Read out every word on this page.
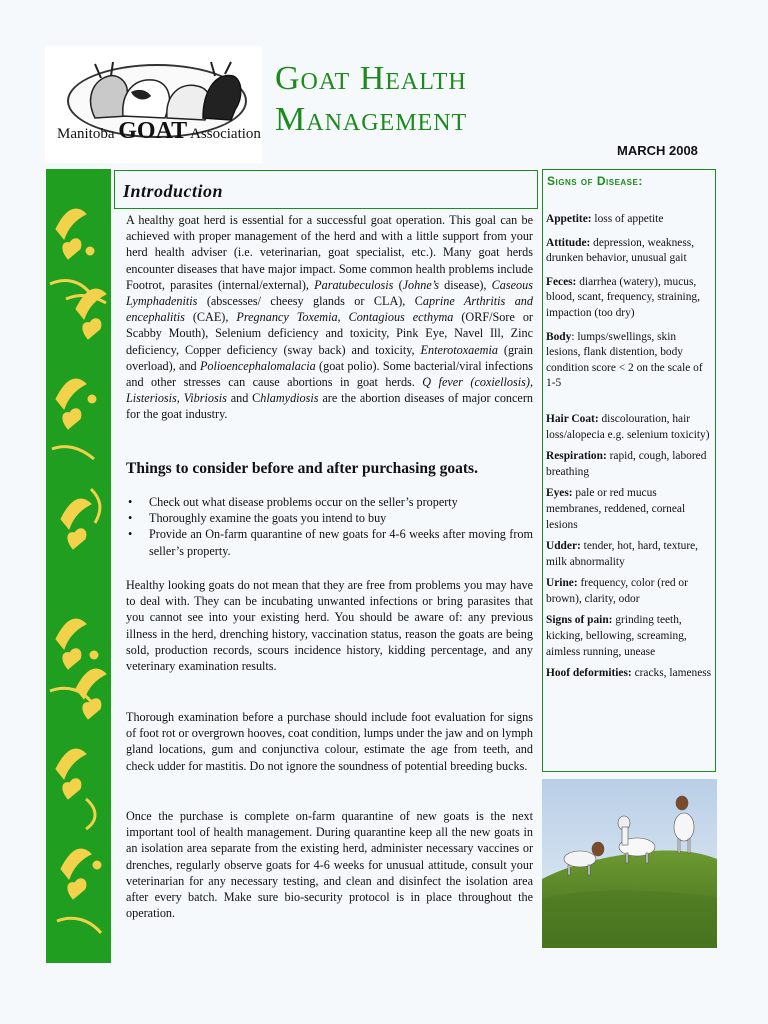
Manitoba GOAT Association
Goat Health
Management
MARCH 2008
Introduction

A healthy goat herd is essential for a successful goat operation. This goal can be achieved with proper management of the herd and with a little support from your herd health adviser (i.e. veterinarian, goat specialist, etc.). Many goat herds encounter diseases that have major impact. Some common health problems include Footrot, parasites (internal/external), Paratubeculosis (Johne’s disease), Caseous Lymphadenitis (abscesses/ cheesy glands or CLA), Caprine Arthritis and encephalitis (CAE), Pregnancy Toxemia, Contagious ecthyma (ORF/Sore or Scabby Mouth), Selenium deficiency and toxicity, Pink Eye, Navel Ill, Zinc deficiency, Copper deficiency (sway back) and toxicity, Enterotoxaemia (grain overload), and Polioencephalomalacia (goat polio). Some bacterial/viral infections and other stresses can cause abortions in goat herds. Q fever (coxiellosis), Listeriosis, Vibriosis and Chlamydiosis are the abortion diseases of major concern for the goat industry.

Things to consider before and after purchasing goats.
• Check out what disease problems occur on the seller’s property
• Thoroughly examine the goats you intend to buy
• Provide an On-farm quarantine of new goats for 4-6 weeks after moving from seller’s property.

Healthy looking goats do not mean that they are free from problems you may have to deal with. They can be incubating unwanted infections or bring parasites that you cannot see into your existing herd. You should be aware of: any previous illness in the herd, drenching history, vaccination status, reason the goats are being sold, production records, scours incidence history, kidding percentage, and any veterinary examination results.

Thorough examination before a purchase should include foot evaluation for signs of foot rot or overgrown hooves, coat condition, lumps under the jaw and on lymph gland locations, gum and conjunctiva colour, estimate the age from teeth, and check udder for mastitis. Do not ignore the soundness of potential breeding bucks.

Once the purchase is complete on-farm quarantine of new goats is the next important tool of health management. During quarantine keep all the new goats in an isolation area separate from the existing herd, administer necessary vaccines or drenches, regularly observe goats for 4-6 weeks for unusual attitude, consult your veterinarian for any necessary testing, and clean and disinfect the isolation area after every batch. Make sure bio-security protocol is in place throughout the operation.

Signs of Disease:

Appetite: loss of appetite

Attitude: depression, weakness, drunken behavior, unusual gait

Feces: diarrhea (watery), mucus, blood, scant, frequency, straining, impaction (too dry)

Body: lumps/swellings, skin lesions, flank distention, body condition score < 2 on the scale of 1-5

Hair Coat: discolouration, hair loss/alopecia e.g. selenium toxicity)

Respiration: rapid, cough, labored breathing

Eyes: pale or red mucus membranes, reddened, corneal lesions

Udder: tender, hot, hard, texture, milk abnormality

Urine: frequency, color (red or brown), clarity, odor

Signs of pain: grinding teeth, kicking, bellowing, screaming, aimless running, unease

Hoof deformities: cracks, lameness
